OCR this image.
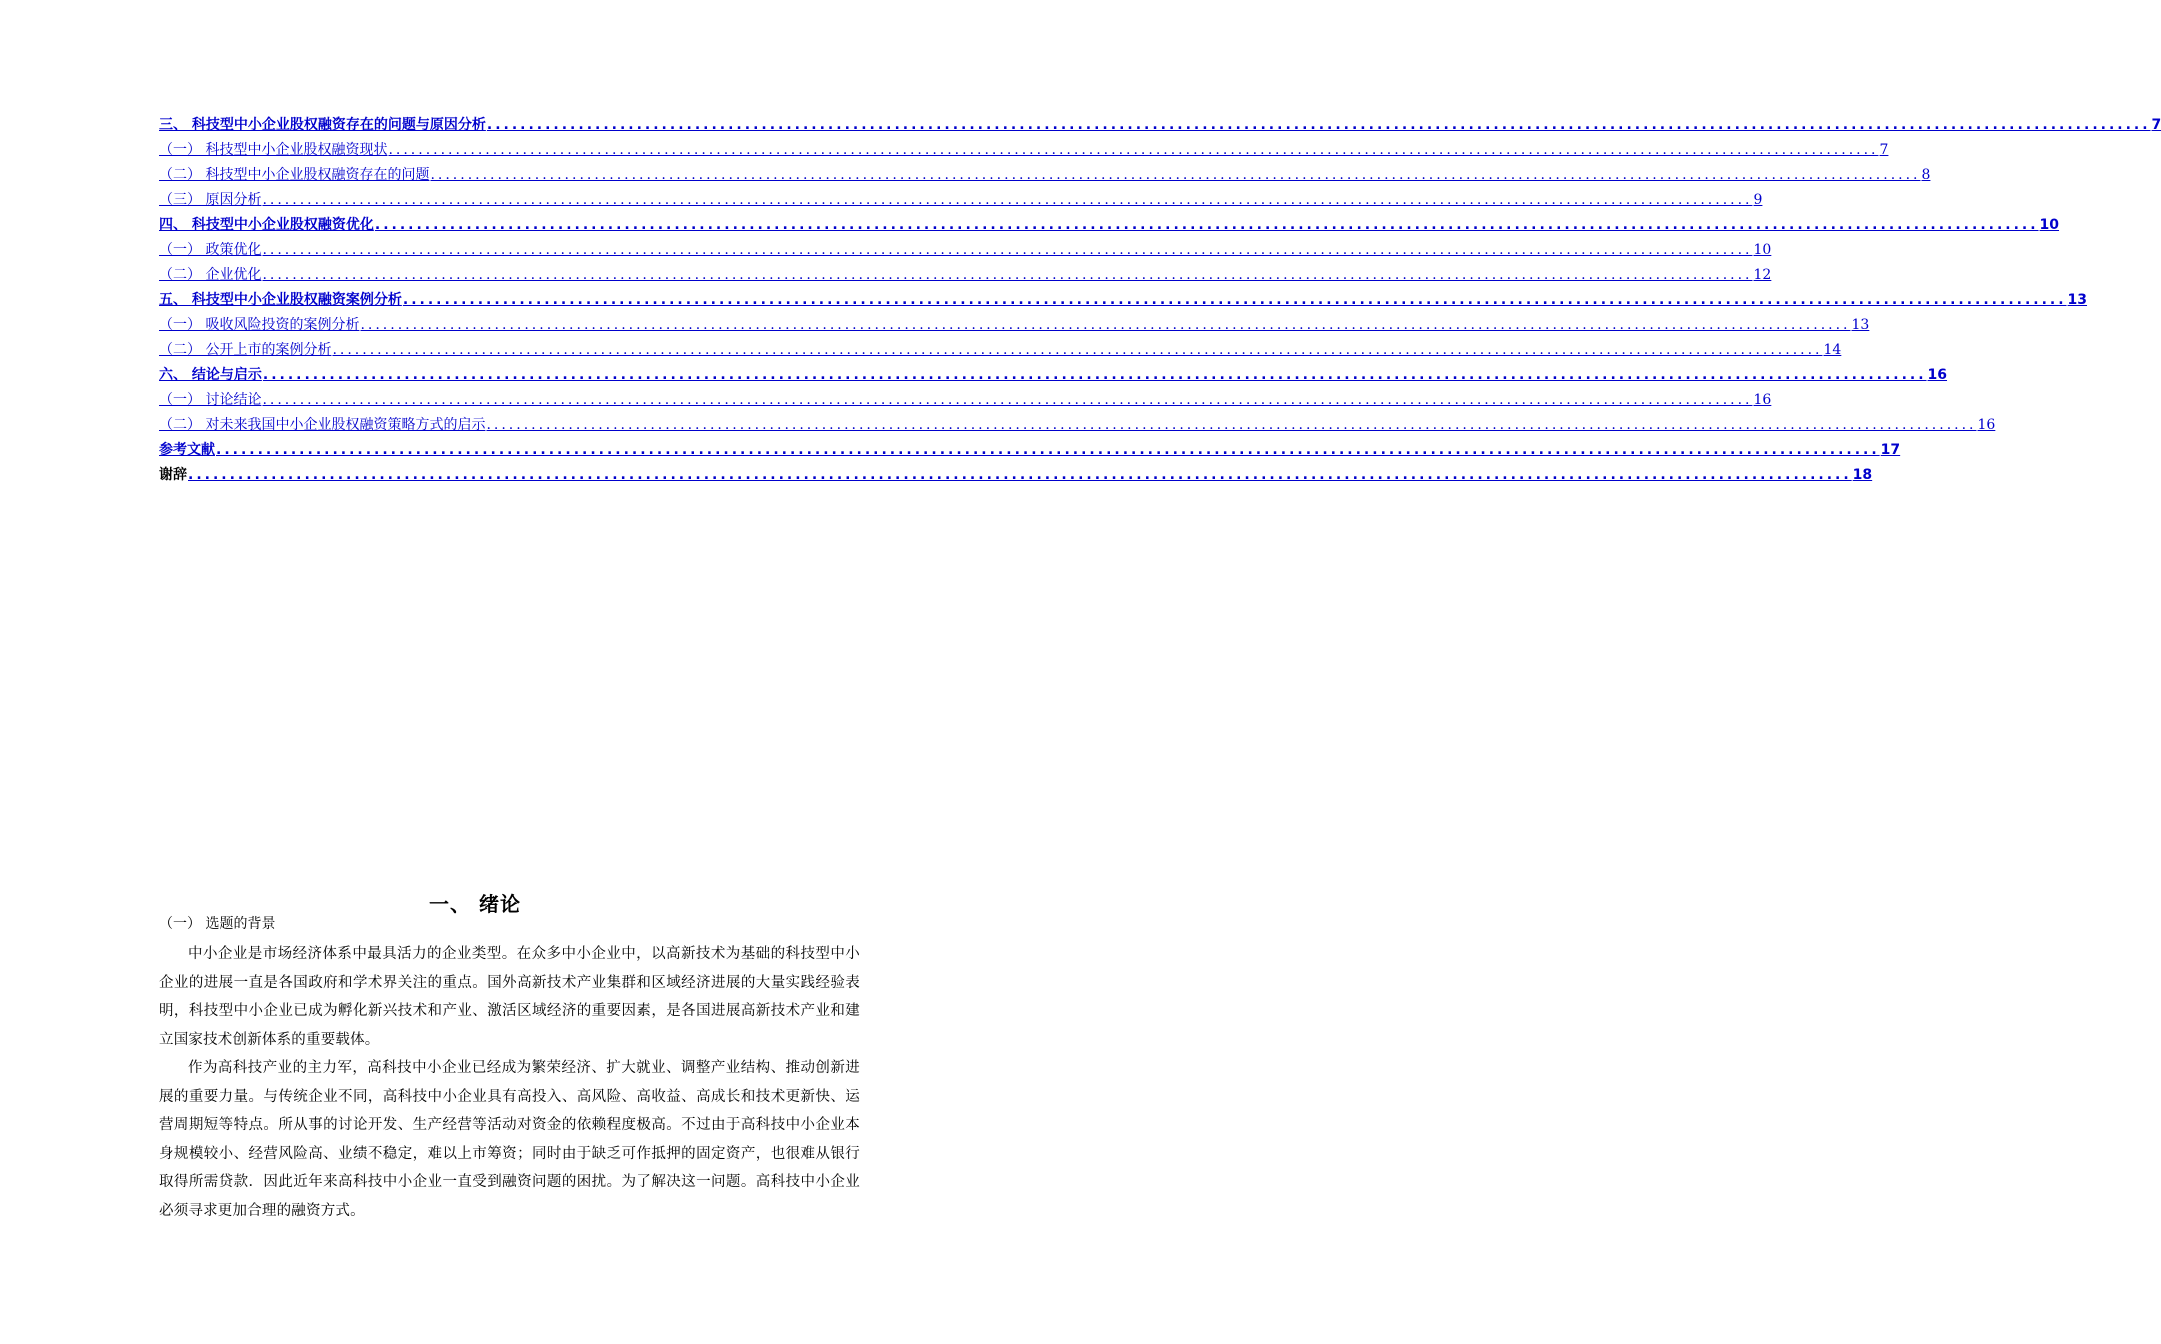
三、 科技型中小企业股权融资存在的问题与原因分析 ........................................................................................................................................................................................................ 7
（一） 科技型中小企业股权融资现状 ........................................................................................................................................................................................................ 7
（二） 科技型中小企业股权融资存在的问题 ........................................................................................................................................................................................................ 8
（三） 原因分析 ........................................................................................................................................................................................................ 9
四、 科技型中小企业股权融资优化 ........................................................................................................................................................................................................ 10
（一） 政策优化 ........................................................................................................................................................................................................ 10
（二） 企业优化 ........................................................................................................................................................................................................ 12
五、 科技型中小企业股权融资案例分析 ........................................................................................................................................................................................................ 13
（一） 吸收风险投资的案例分析 ........................................................................................................................................................................................................ 13
（二） 公开上市的案例分析 ........................................................................................................................................................................................................ 14
六、 结论与启示 ........................................................................................................................................................................................................ 16
（一） 讨论结论 ........................................................................................................................................................................................................ 16
（二） 对未来我国中小企业股权融资策略方式的启示 ........................................................................................................................................................................................................ 16
参考文献 ........................................................................................................................................................................................................ 17
谢辞 ........................................................................................................................................................................................................ 18
一、 绪论
（一） 选题的背景

中小企业是市场经济体系中最具活力的企业类型。在众多中小企业中，以高新技术为基础的科技型中小企业的进展一直是各国政府和学术界关注的重点。国外高新技术产业集群和区域经济进展的大量实践经验表明，科技型中小企业已成为孵化新兴技术和产业、激活区域经济的重要因素，是各国进展高新技术产业和建立国家技术创新体系的重要载体。

作为高科技产业的主力军，高科技中小企业已经成为繁荣经济、扩大就业、调整产业结构、推动创新进展的重要力量。与传统企业不同，高科技中小企业具有高投入、高风险、高收益、高成长和技术更新快、运营周期短等特点。所从事的讨论开发、生产经营等活动对资金的依赖程度极高。不过由于高科技中小企业本身规模较小、经营风险高、业绩不稳定，难以上市筹资；同时由于缺乏可作抵押的固定资产，也很难从银行取得所需贷款．因此近年来高科技中小企业一直受到融资问题的困扰。为了解决这一问题。高科技中小企业必须寻求更加合理的融资方式。
